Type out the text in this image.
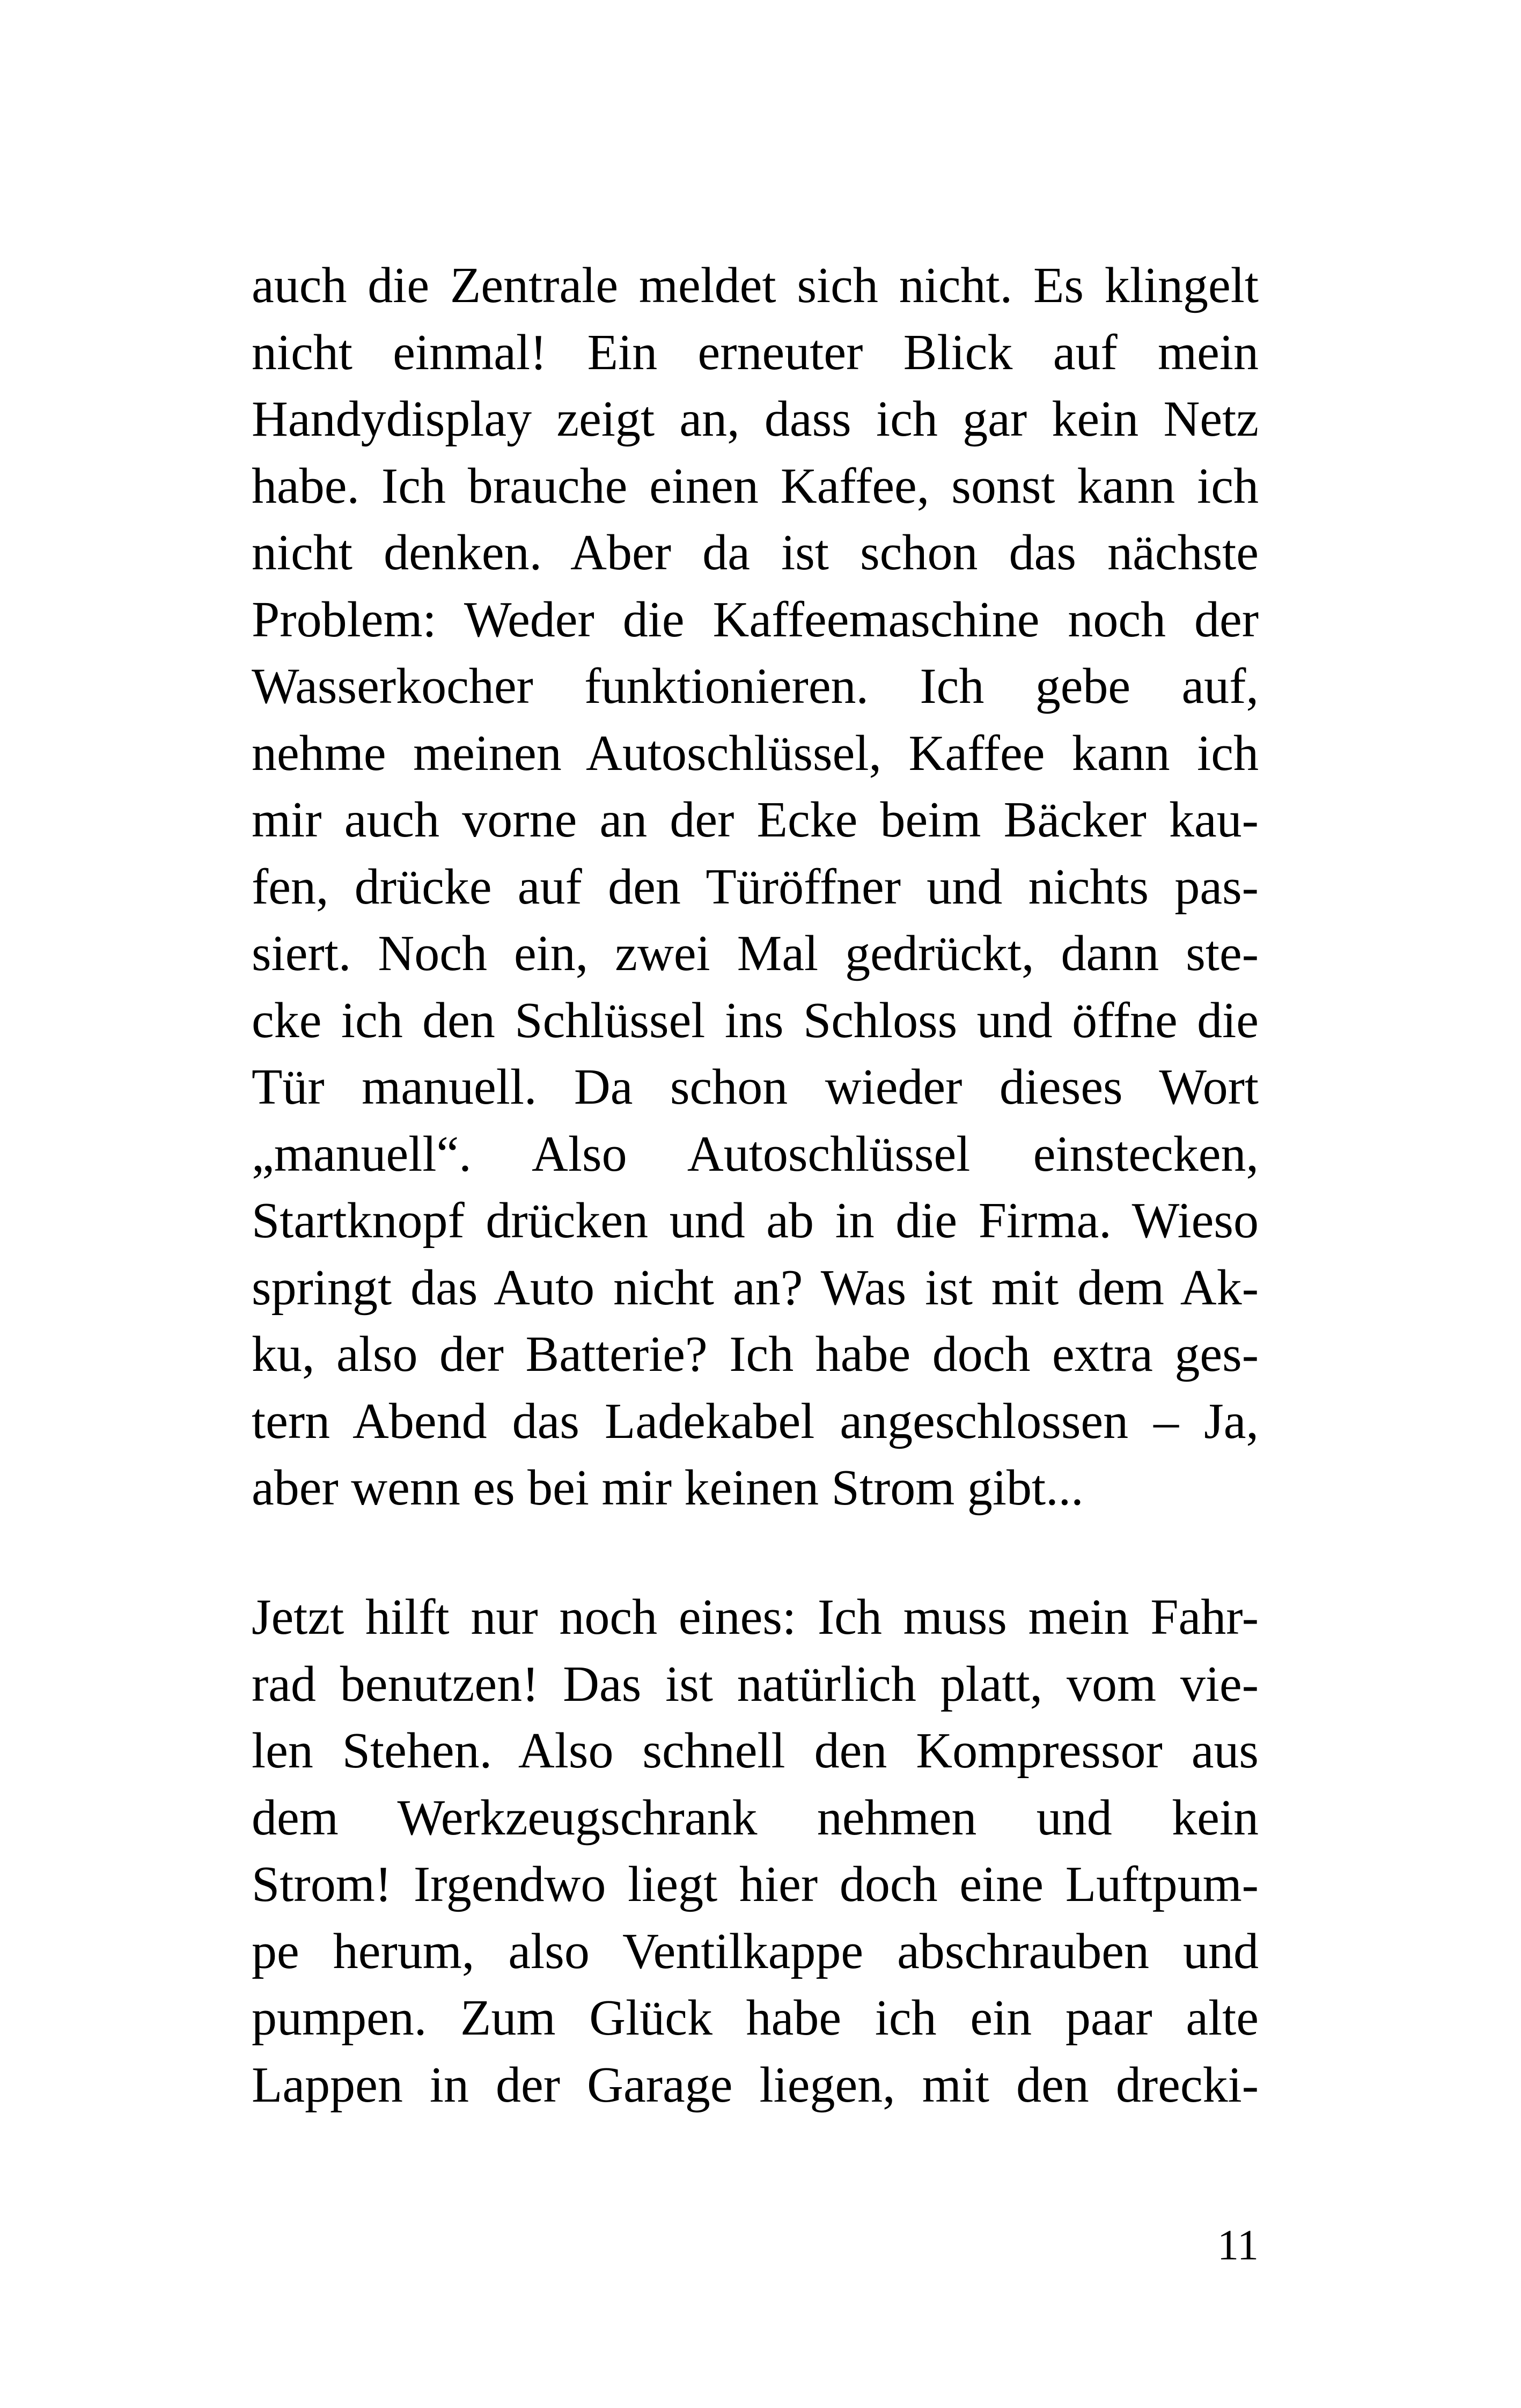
auch die Zentrale meldet sich nicht. Es klingelt
nicht einmal! Ein erneuter Blick auf mein
Handydisplay zeigt an, dass ich gar kein Netz
habe. Ich brauche einen Kaffee, sonst kann ich
nicht denken. Aber da ist schon das nächste
Problem: Weder die Kaffeemaschine noch der
Wasserkocher funktionieren. Ich gebe auf,
nehme meinen Autoschlüssel, Kaffee kann ich
mir auch vorne an der Ecke beim Bäcker kau-
fen, drücke auf den Türöffner und nichts pas-
siert. Noch ein, zwei Mal gedrückt, dann ste-
cke ich den Schlüssel ins Schloss und öffne die
Tür manuell. Da schon wieder dieses Wort
„manuell“. Also Autoschlüssel einstecken,
Startknopf drücken und ab in die Firma. Wieso
springt das Auto nicht an? Was ist mit dem Ak-
ku, also der Batterie? Ich habe doch extra ges-
tern Abend das Ladekabel angeschlossen – Ja,
aber wenn es bei mir keinen Strom gibt...
Jetzt hilft nur noch eines: Ich muss mein Fahr-
rad benutzen! Das ist natürlich platt, vom vie-
len Stehen. Also schnell den Kompressor aus
dem Werkzeugschrank nehmen und kein
Strom! Irgendwo liegt hier doch eine Luftpum-
pe herum, also Ventilkappe abschrauben und
pumpen. Zum Glück habe ich ein paar alte
Lappen in der Garage liegen, mit den drecki-
11
